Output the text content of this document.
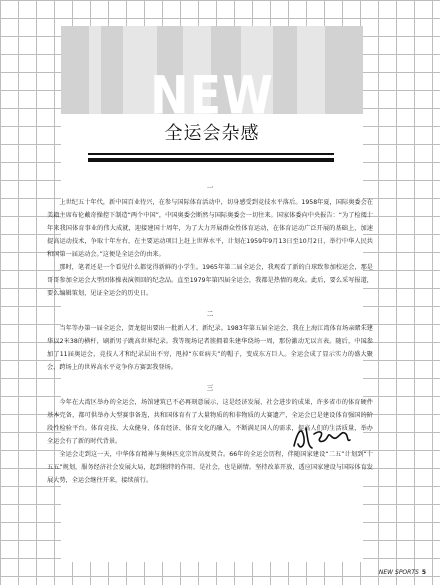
NEW
全运会杂感
一

上世纪五十年代，新中国百业待兴，在参与国际体育活动中，切身感受到竞技水平落后。1958年夏，国际奥委会在美籍主席布伦戴奇操控下制造“两个中国”，中国奥委会断然与国际奥委会一切往来。国家体委向中央报告：“为了检阅十年来我国体育事业的伟大成就，迎接建国十周年，为了大力开展群众性体育运动，在体育运动广泛开展的基础上，加速提高运动技术，争取十年左右，在主要运动项目上赶上世界水平，计划在1959年9月13日至10月2日，举行中华人民共和国第一届运动会。”这便是全运会的由来。

那时，笔者还是一个看见什么都觉得新鲜的小学生。1965年第二届全运会，我观看了新的白球致参加校运会，那是哥哥参加全运会大型团体操表演领回的纪念品。直至1979年第四届全运会，我都是热情的观众。此后，要么采写报道，要么编辑策划，见证全运会的历史日。

二

当年等办第一届全运会，贺龙提出要出一批新人才、新纪录。1983年第五届全运会，我在上海江湾体育场亲睹朱建华以2米38的横杆，刷新男子跳高世界纪录。我等现场记者簇拥着朱建华绕场一周，那份激动无以言表。随后，中国参加了11届奥运会，竞技人才和纪录层出不穷，甩掉“东亚病夫”的帽子，变成东方巨人。全运会成了显示实力的盛大聚会，跨场上的世界高水平竞争你方赛罢我登场。

三

今年在大湾区举办的全运会，场馆建筑已不必再刻意展示，这是经济发展、社会进步的成果，许多省市的体育硬件基本完备，都可供举办大型赛事备选，共和国体育有了大量物质的和非物质的大赛遗产，全运会已是建设体育强国的阶段性检验平台。体育竞技、大众健身、体育经济、体育文化的融入，不断满足国人的需求，提高人们的生活质量，举办全运会有了新的时代背景。

全运会走到这一天，中华体育精神与奥林匹克宗旨高度契合。66年的全运会历程，伴随国家建设“二五”计划到“十五五”规划，服务经济社会发展大局，起到独特的作用，是社会，也是剧情。坚持改革开放，透应国家建设与国际体育发展大势，全运会继往开来，接续前行。

NEW SPORTS 5
